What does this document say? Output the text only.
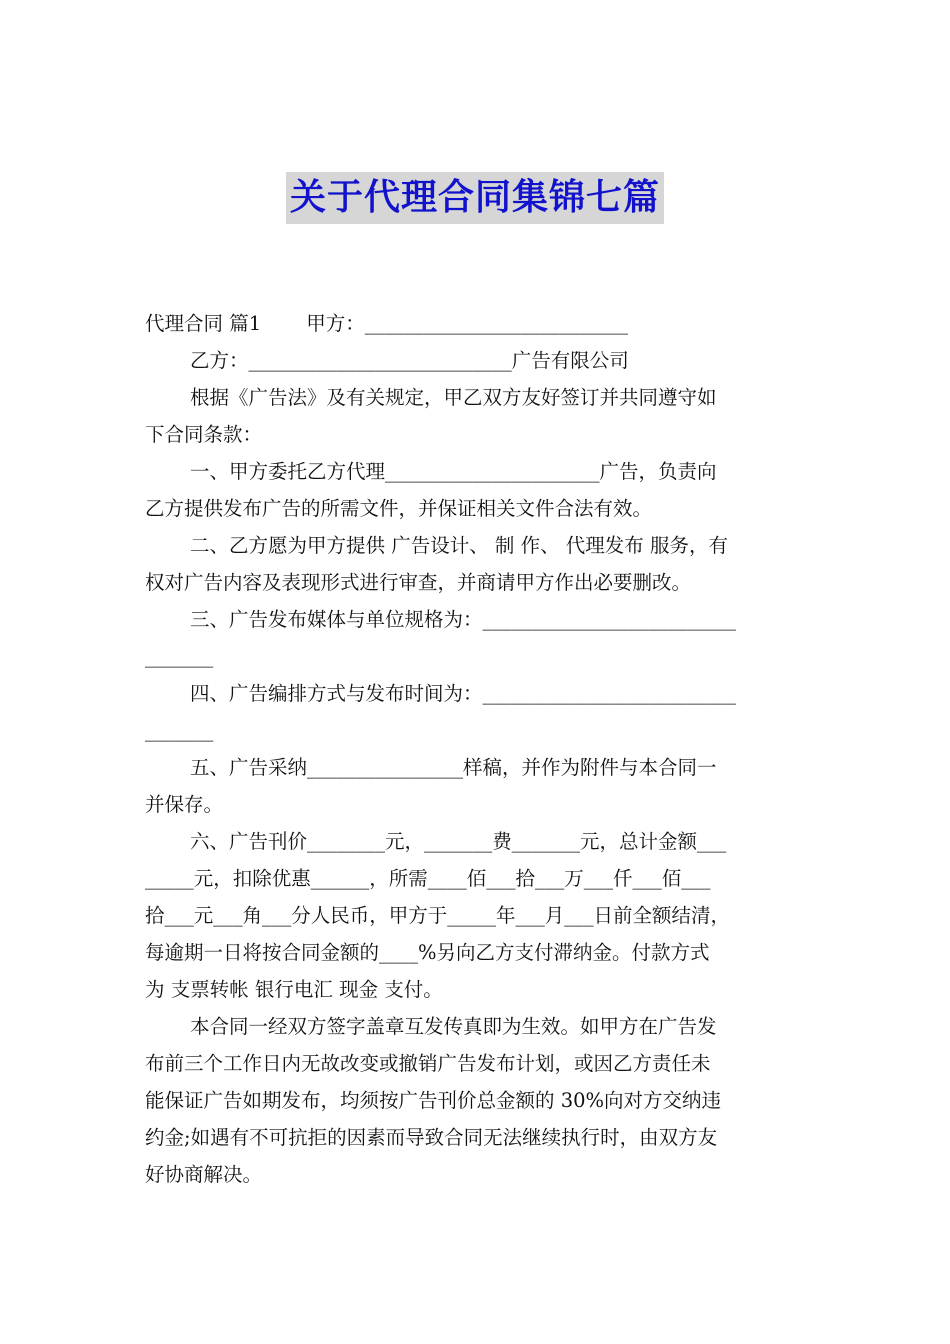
关于代理合同集锦七篇
代理合同 篇1　　 甲方：___________________________
乙方：___________________________广告有限公司
根据《广告法》及有关规定，甲乙双方友好签订并共同遵守如
下合同条款：
一、甲方委托乙方代理______________________广告，负责向
乙方提供发布广告的所需文件，并保证相关文件合法有效。
二、乙方愿为甲方提供 广告设计、 制 作、 代理发布 服务，有
权对广告内容及表现形式进行审查，并商请甲方作出必要删改。
三、广告发布媒体与单位规格为：__________________________
_______
四、广告编排方式与发布时间为：__________________________
_______
五、广告采纳________________样稿，并作为附件与本合同一
并保存。
六、广告刊价________元，_______费_______元，总计金额___
_____元，扣除优惠______，所需____佰___拾___万___仟___佰___
拾___元___角___分人民币，甲方于_____年___月___日前全额结清，
每逾期一日将按合同金额的____%另向乙方支付滞纳金。付款方式
为 支票转帐 银行电汇 现金 支付。
本合同一经双方签字盖章互发传真即为生效。如甲方在广告发
布前三个工作日内无故改变或撤销广告发布计划，或因乙方责任未
能保证广告如期发布，均须按广告刊价总金额的 30%向对方交纳违
约金;如遇有不可抗拒的因素而导致合同无法继续执行时，由双方友
好协商解决。
